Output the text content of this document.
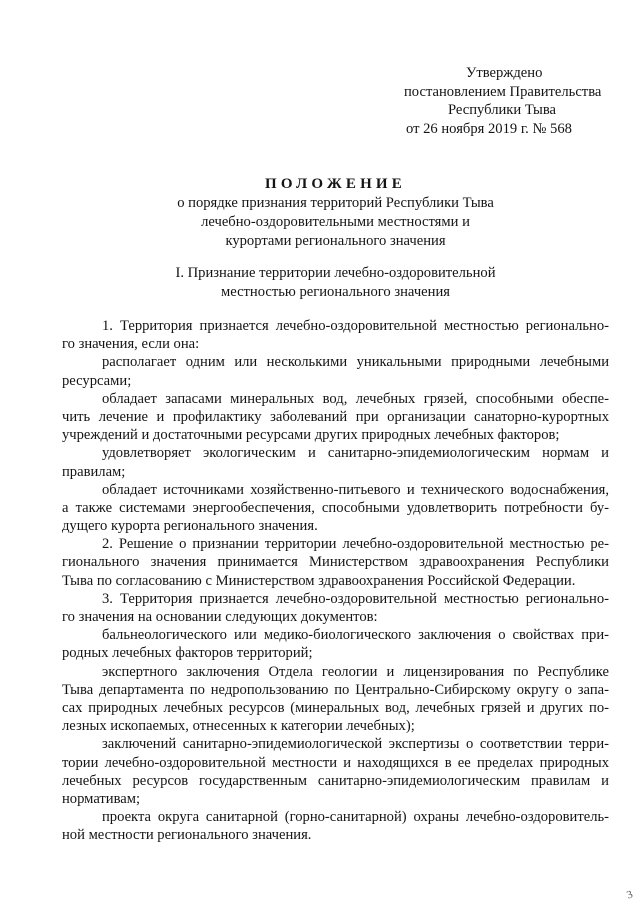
Утверждено
постановлением Правительства
Республики Тыва
от 26 ноября 2019 г. № 568
ПОЛОЖЕНИЕ
о порядке признания территорий Республики Тыва
лечебно-оздоровительными местностями и
курортами регионального значения
I. Признание территории лечебно-оздоровительной
местностью регионального значения
1. Территория признается лечебно-оздоровительной местностью регионально-
го значения, если она:
располагает одним или несколькими уникальными природными лечебными
ресурсами;
обладает запасами минеральных вод, лечебных грязей, способными обеспе-
чить лечение и профилактику заболеваний при организации санаторно-курортных
учреждений и достаточными ресурсами других природных лечебных факторов;
удовлетворяет экологическим и санитарно-эпидемиологическим нормам и
правилам;
обладает источниками хозяйственно-питьевого и технического водоснабжения,
а также системами энергообеспечения, способными удовлетворить потребности бу-
дущего курорта регионального значения.
2. Решение о признании территории лечебно-оздоровительной местностью ре-
гионального значения принимается Министерством здравоохранения Республики
Тыва по согласованию с Министерством здравоохранения Российской Федерации.
3. Территория признается лечебно-оздоровительной местностью регионально-
го значения на основании следующих документов:
бальнеологического или медико-биологического заключения о свойствах при-
родных лечебных факторов территорий;
экспертного заключения Отдела геологии и лицензирования по Республике
Тыва департамента по недропользованию по Центрально-Сибирскому округу о запа-
сах природных лечебных ресурсов (минеральных вод, лечебных грязей и других по-
лезных ископаемых, отнесенных к категории лечебных);
заключений санитарно-эпидемиологической экспертизы о соответствии терри-
тории лечебно-оздоровительной местности и находящихся в ее пределах природных
лечебных ресурсов государственным санитарно-эпидемиологическим правилам и
нормативам;
проекта округа санитарной (горно-санитарной) охраны лечебно-оздоровитель-
ной местности регионального значения.
3
